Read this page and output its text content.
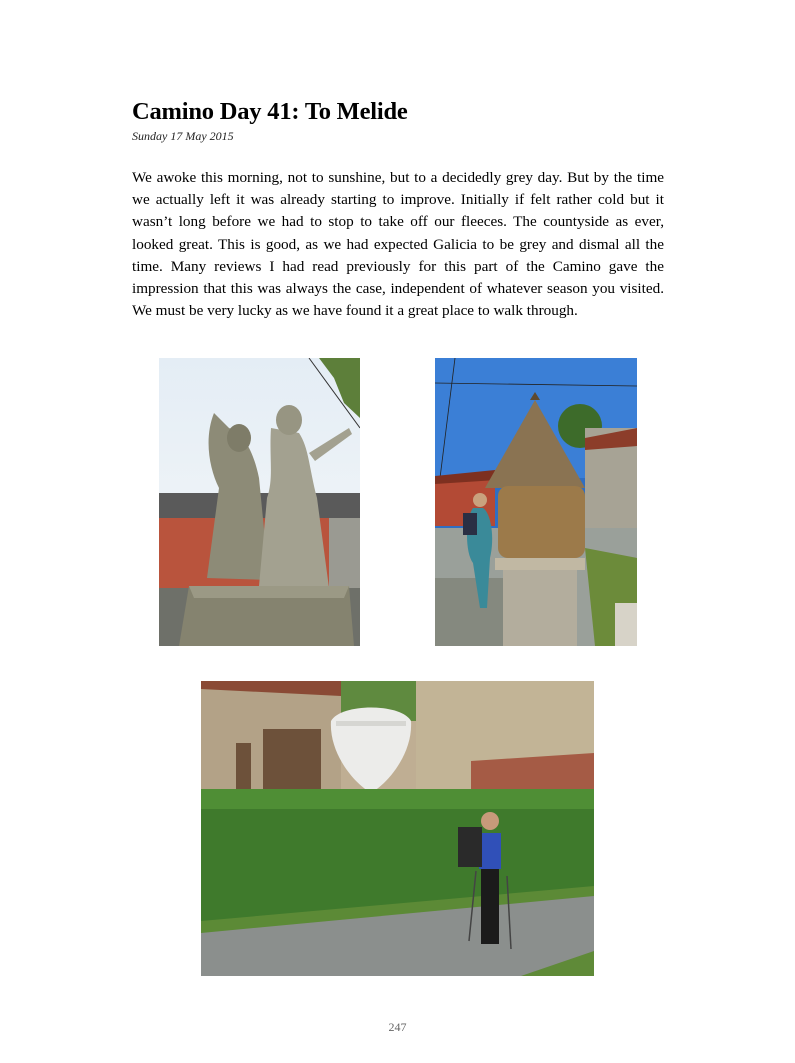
Camino Day 41: To Melide
Sunday 17 May 2015

We awoke this morning, not to sunshine, but to a decidedly grey day. But by the time we actually left it was already starting to improve. Initially if felt rather cold but it wasn’t long before we had to stop to take off our fleeces. The countyside as ever, looked great. This is good, as we had expected Galicia to be grey and dismal all the time. Many reviews I had read previously for this part of the Camino gave the impression that this was always the case, independent of whatever season you visited. We must be very lucky as we have found it a great place to walk through.

247
